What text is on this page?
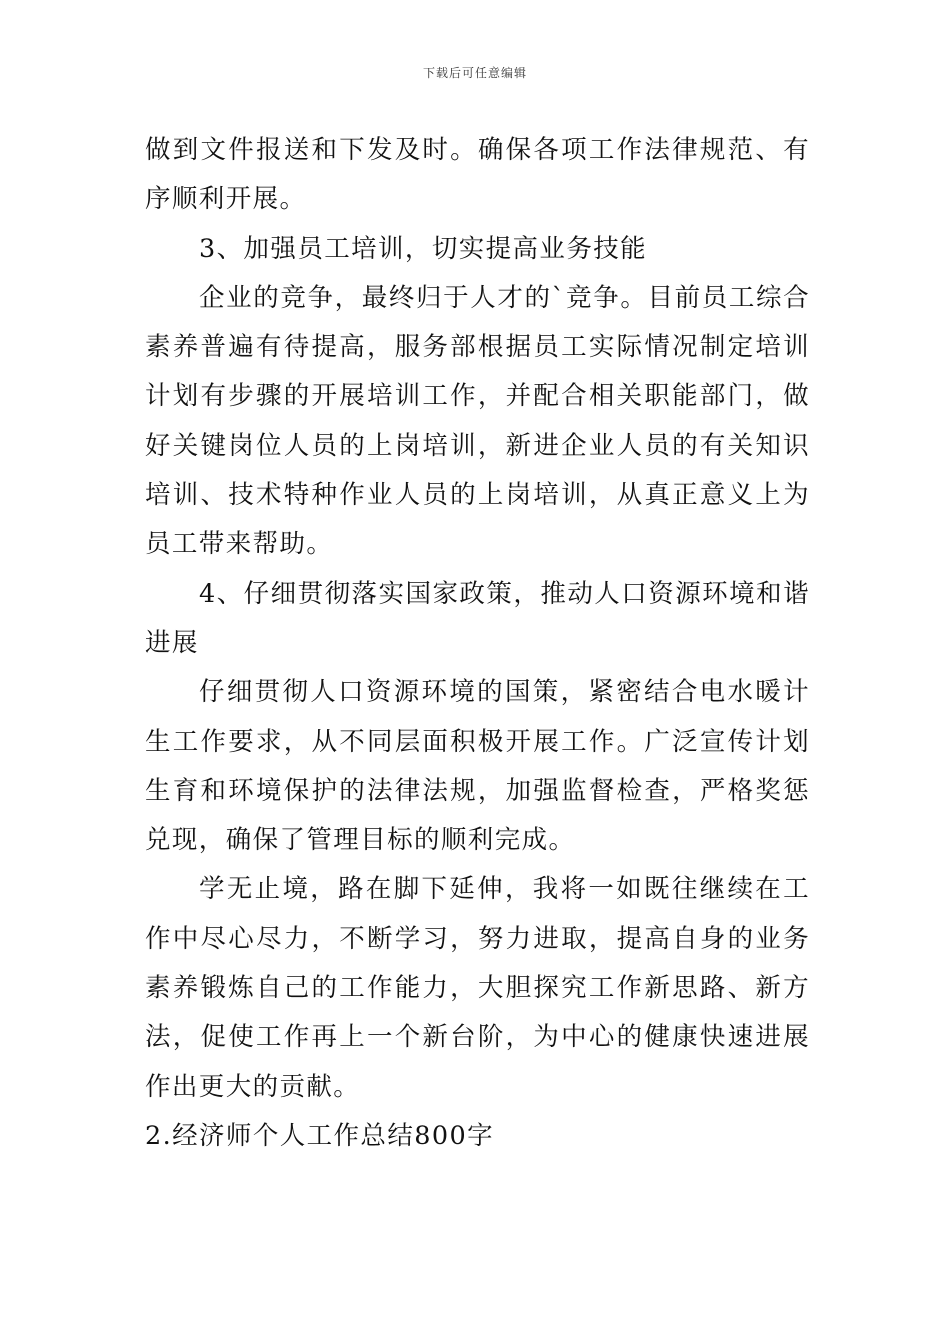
下载后可任意编辑

做到文件报送和下发及时。确保各项工作法律规范、有序顺利开展。

3、加强员工培训，切实提高业务技能

企业的竞争，最终归于人才的`竞争。目前员工综合素养普遍有待提高，服务部根据员工实际情况制定培训计划有步骤的开展培训工作，并配合相关职能部门，做好关键岗位人员的上岗培训，新进企业人员的有关知识培训、技术特种作业人员的上岗培训，从真正意义上为员工带来帮助。

4、仔细贯彻落实国家政策，推动人口资源环境和谐进展

仔细贯彻人口资源环境的国策，紧密结合电水暖计生工作要求，从不同层面积极开展工作。广泛宣传计划生育和环境保护的法律法规，加强监督检查，严格奖惩兑现，确保了管理目标的顺利完成。

学无止境，路在脚下延伸，我将一如既往继续在工作中尽心尽力，不断学习，努力进取，提高自身的业务素养锻炼自己的工作能力，大胆探究工作新思路、新方法，促使工作再上一个新台阶，为中心的健康快速进展作出更大的贡献。

2.经济师个人工作总结800字
